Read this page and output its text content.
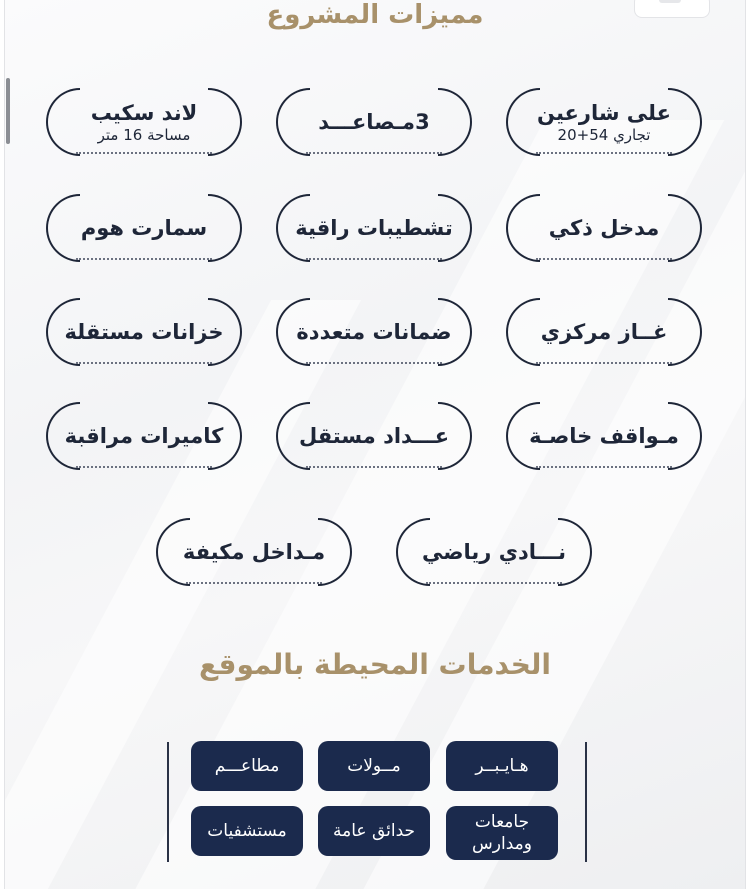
مميزات المشروع
على شارعين
تجاري 54+20
3مـصاعـــد
لاند سكيب
مساحة 16 متر
مدخل ذكي
تشطيبات راقية
سمارت هوم
غــاز مركزي
ضمانات متعددة
خزانات مستقلة
مـواقف خاصـة
عـــداد مستقل
كاميرات مراقبة
نـــادي رياضي
مـداخل مكيفة
الخدمات المحيطة بالموقع
هـايـبــر
مــولات
مطاعـــم
جامعات ومدارس
حدائق عامة
مستشفيات
